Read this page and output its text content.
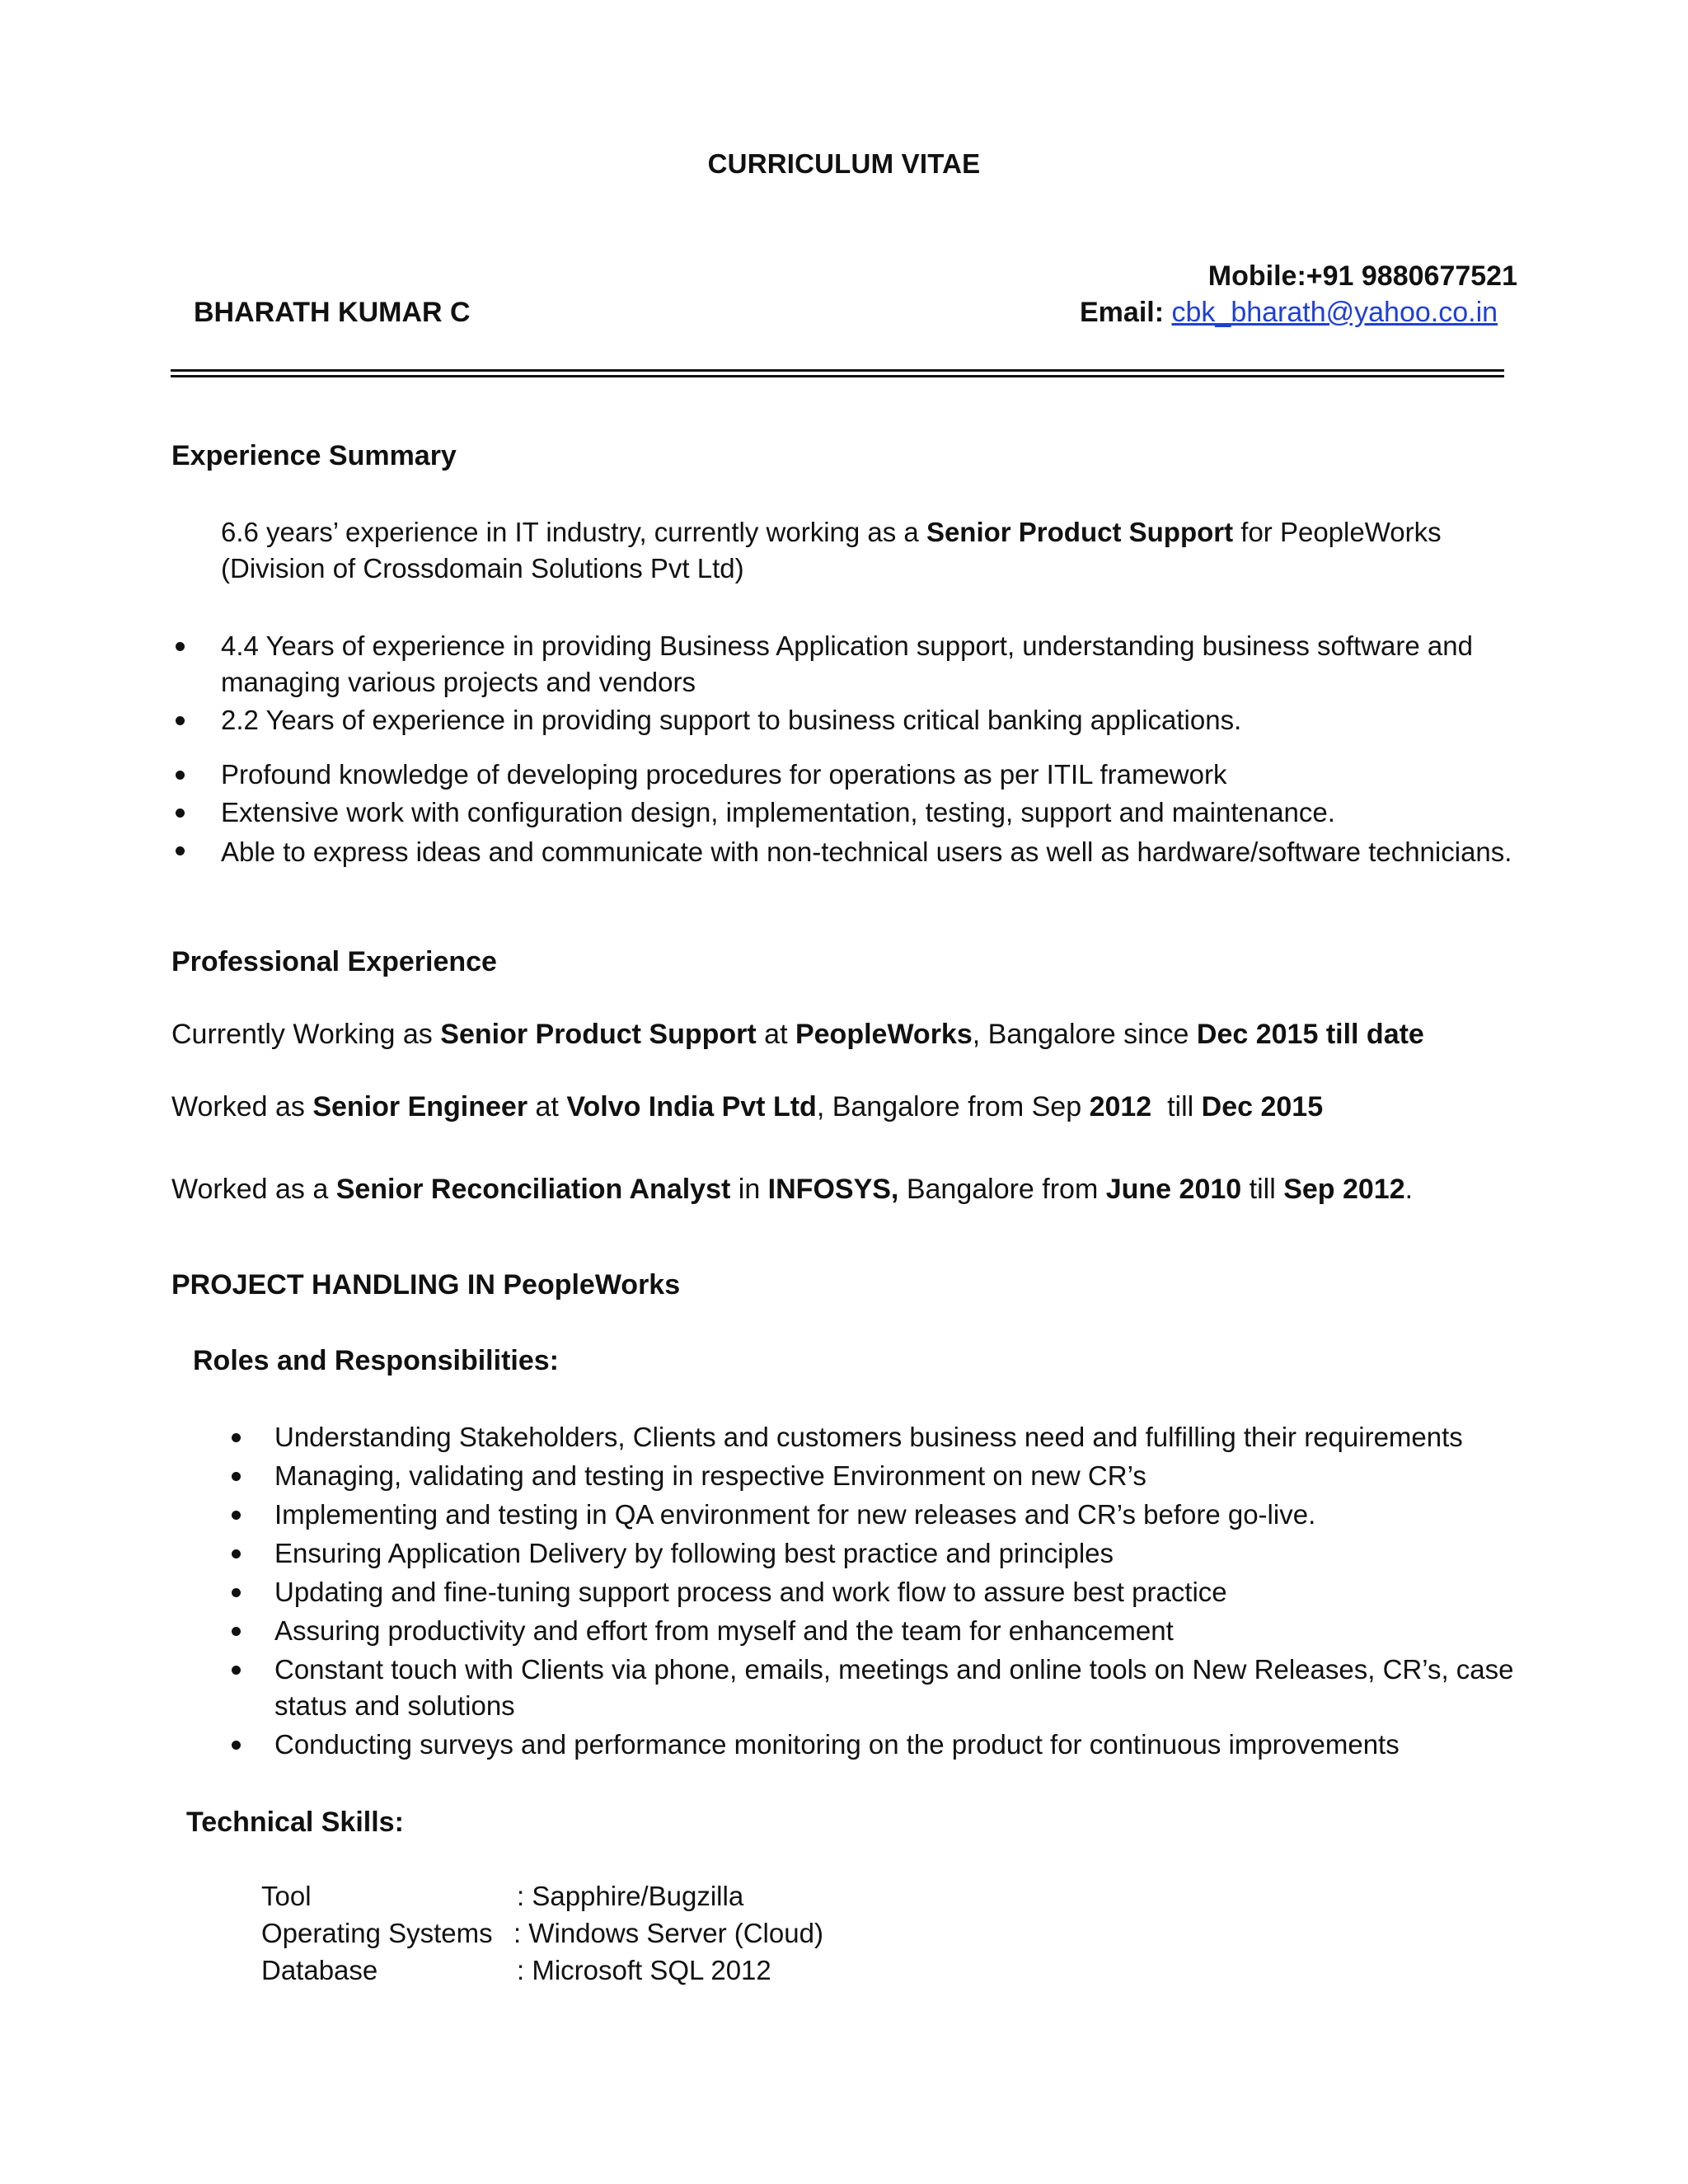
CURRICULUM VITAE
Mobile:+91 9880677521
BHARATH KUMAR C	Email: cbk_bharath@yahoo.co.in
Experience Summary
6.6 years’ experience in IT industry, currently working as a Senior Product Support for PeopleWorks (Division of Crossdomain Solutions Pvt Ltd)
4.4 Years of experience in providing Business Application support, understanding business software and managing various projects and vendors
2.2 Years of experience in providing support to business critical banking applications.
Profound knowledge of developing procedures for operations as per ITIL framework
Extensive work with configuration design, implementation, testing, support and maintenance.
Able to express ideas and communicate with non-technical users as well as hardware/software technicians.
Professional Experience
Currently Working as Senior Product Support at PeopleWorks, Bangalore since Dec 2015 till date
Worked as Senior Engineer at Volvo India Pvt Ltd, Bangalore from Sep 2012  till Dec 2015
Worked as a Senior Reconciliation Analyst in INFOSYS, Bangalore from June 2010 till Sep 2012.
PROJECT HANDLING IN PeopleWorks
Roles and Responsibilities:
Understanding Stakeholders, Clients and customers business need and fulfilling their requirements
Managing, validating and testing in respective Environment on new CR’s
Implementing and testing in QA environment for new releases and CR’s before go-live.
Ensuring Application Delivery by following best practice and principles
Updating and fine-tuning support process and work flow to assure best practice
Assuring productivity and effort from myself and the team for enhancement
Constant touch with Clients via phone, emails, meetings and online tools on New Releases, CR’s, case status and solutions
Conducting surveys and performance monitoring on the product for continuous improvements
Technical Skills:
Tool	: Sapphire/Bugzilla
Operating Systems : Windows Server (Cloud)
Database	: Microsoft SQL 2012
